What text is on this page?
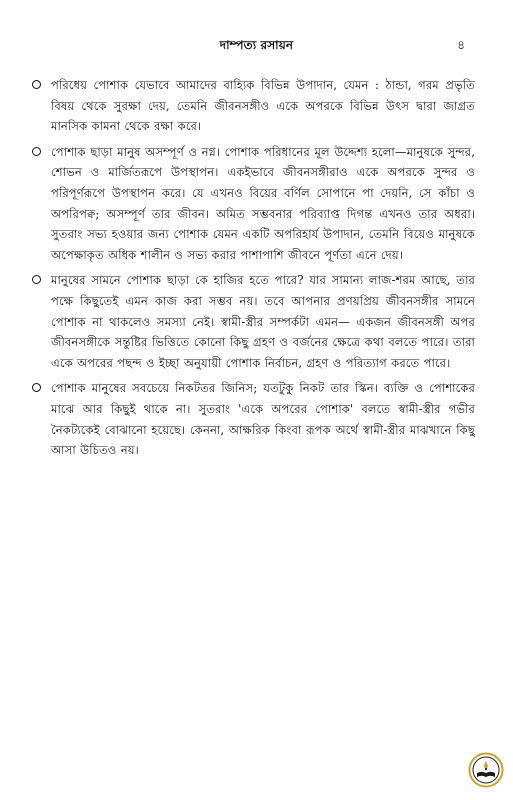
দাম্পত্য রসায়ন	৪

পরিধেয় পোশাক যেভাবে আমাদের বাহ্যিক বিভিন্ন উপাদান, যেমন : ঠান্ডা, গরম প্রভৃতি বিষয় থেকে সুরক্ষা দেয়, তেমনি জীবনসঙ্গীও একে অপরকে বিভিন্ন উৎস দ্বারা জাগ্রত মানসিক কামনা থেকে রক্ষা করে।

পোশাক ছাড়া মানুষ অসম্পূর্ণ ও নগ্ন। পোশাক পরিধানের মূল উদ্দেশ্য হলো—মানুষকে সুন্দর, শোভন ও মার্জিতরূপে উপস্থাপন। একইভাবে জীবনসঙ্গীরাও একে অপরকে সুন্দর ও পরিপূর্ণরূপে উপস্থাপন করে। যে এখনও বিয়ের বর্ণিল সোপানে পা দেয়নি, সে কাঁচা ও অপরিপক্ব; অসম্পূর্ণ তার জীবন। অমিত সম্ভবনার পরিব্যাপ্ত দিগন্ত এখনও তার অধরা। সুতরাং সভ্য হওয়ার জন্য পোশাক যেমন একটি অপরিহার্য উপাদান, তেমনি বিয়েও মানুষকে অপেক্ষাকৃত অধিক শালীন ও সভ্য করার পাশাপাশি জীবনে পূর্ণতা এনে দেয়।

মানুষের সামনে পোশাক ছাড়া কে হাজির হতে পারে? যার সামান্য লাজ-শরম আছে, তার পক্ষে কিছুতেই এমন কাজ করা সম্ভব নয়। তবে আপনার প্রণয়প্রিয় জীবনসঙ্গীর সামনে পোশাক না থাকলেও সমস্যা নেই। স্বামী-স্ত্রীর সম্পর্কটা এমন— একজন জীবনসঙ্গী অপর জীবনসঙ্গীকে সন্তুষ্টির ভিত্তিতে কোনো কিছু গ্রহণ ও বর্জনের ক্ষেত্রে কথা বলতে পারে। তারা একে অপরের পছন্দ ও ইচ্ছা অনুযায়ী পোশাক নির্বাচন, গ্রহণ ও পরিত্যাগ করতে পারে।

পোশাক মানুষের সবচেয়ে নিকটতর জিনিস; যতটুকু নিকট তার স্কিন। ব্যক্তি ও পোশাকের মাঝে আর কিছুই থাকে না। সুতরাং 'একে অপরের পোশাক' বলতে স্বামী-স্ত্রীর গভীর নৈকট্যকেই বোঝানো হয়েছে। কেননা, আক্ষরিক কিংবা রূপক অর্থে স্বামী-স্ত্রীর মাঝখানে কিছু আসা উচিতও নয়।
